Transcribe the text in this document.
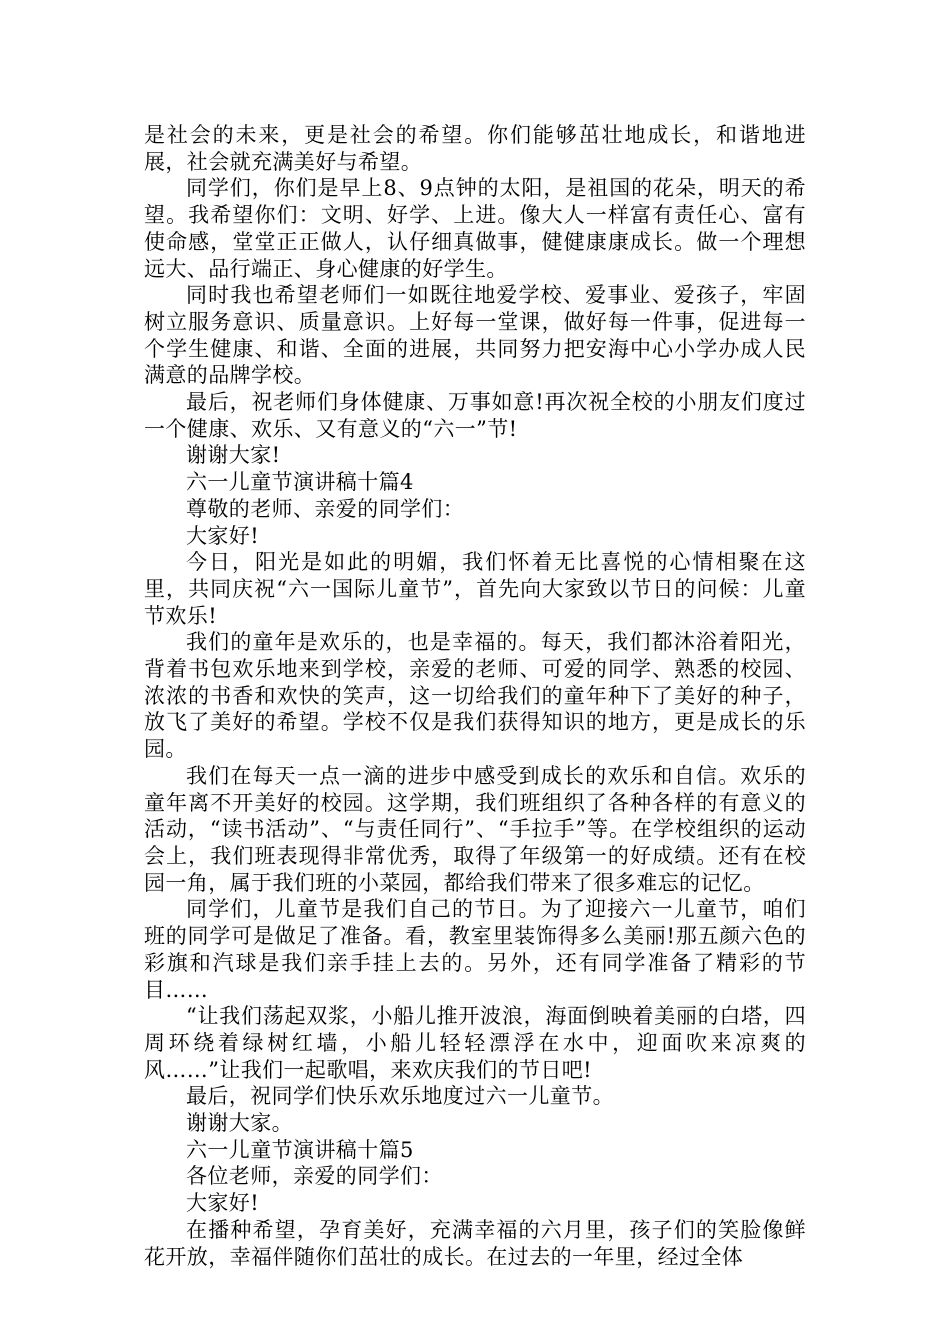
是社会的未来，更是社会的希望。你们能够茁壮地成长，和谐地进展，社会就充满美好与希望。

同学们，你们是早上8、9点钟的太阳，是祖国的花朵，明天的希望。我希望你们：文明、好学、上进。像大人一样富有责任心、富有使命感，堂堂正正做人，认仔细真做事，健健康康成长。做一个理想远大、品行端正、身心健康的好学生。

同时我也希望老师们一如既往地爱学校、爱事业、爱孩子，牢固树立服务意识、质量意识。上好每一堂课，做好每一件事，促进每一个学生健康、和谐、全面的进展，共同努力把安海中心小学办成人民满意的品牌学校。

最后，祝老师们身体健康、万事如意!再次祝全校的小朋友们度过一个健康、欢乐、又有意义的“六一”节!

谢谢大家!

六一儿童节演讲稿十篇4

尊敬的老师、亲爱的同学们：

大家好!

今日，阳光是如此的明媚，我们怀着无比喜悦的心情相聚在这里，共同庆祝“六一国际儿童节”，首先向大家致以节日的问候：儿童节欢乐!

我们的童年是欢乐的，也是幸福的。每天，我们都沐浴着阳光，背着书包欢乐地来到学校，亲爱的老师、可爱的同学、熟悉的校园、浓浓的书香和欢快的笑声，这一切给我们的童年种下了美好的种子，放飞了美好的希望。学校不仅是我们获得知识的地方，更是成长的乐园。

我们在每天一点一滴的进步中感受到成长的欢乐和自信。欢乐的童年离不开美好的校园。这学期，我们班组织了各种各样的有意义的活动，“读书活动”、“与责任同行”、“手拉手”等。在学校组织的运动会上，我们班表现得非常优秀，取得了年级第一的好成绩。还有在校园一角，属于我们班的小菜园，都给我们带来了很多难忘的记忆。

同学们，儿童节是我们自己的节日。为了迎接六一儿童节，咱们班的同学可是做足了准备。看，教室里装饰得多么美丽!那五颜六色的彩旗和汽球是我们亲手挂上去的。另外，还有同学准备了精彩的节目……

“让我们荡起双浆，小船儿推开波浪，海面倒映着美丽的白塔，四周环绕着绿树红墙，小船儿轻轻漂浮在水中，迎面吹来凉爽的风……”让我们一起歌唱，来欢庆我们的节日吧!

最后，祝同学们快乐欢乐地度过六一儿童节。

谢谢大家。

六一儿童节演讲稿十篇5

各位老师，亲爱的同学们：

大家好!

在播种希望，孕育美好，充满幸福的六月里，孩子们的笑脸像鲜花开放，幸福伴随你们茁壮的成长。在过去的一年里，经过全体
